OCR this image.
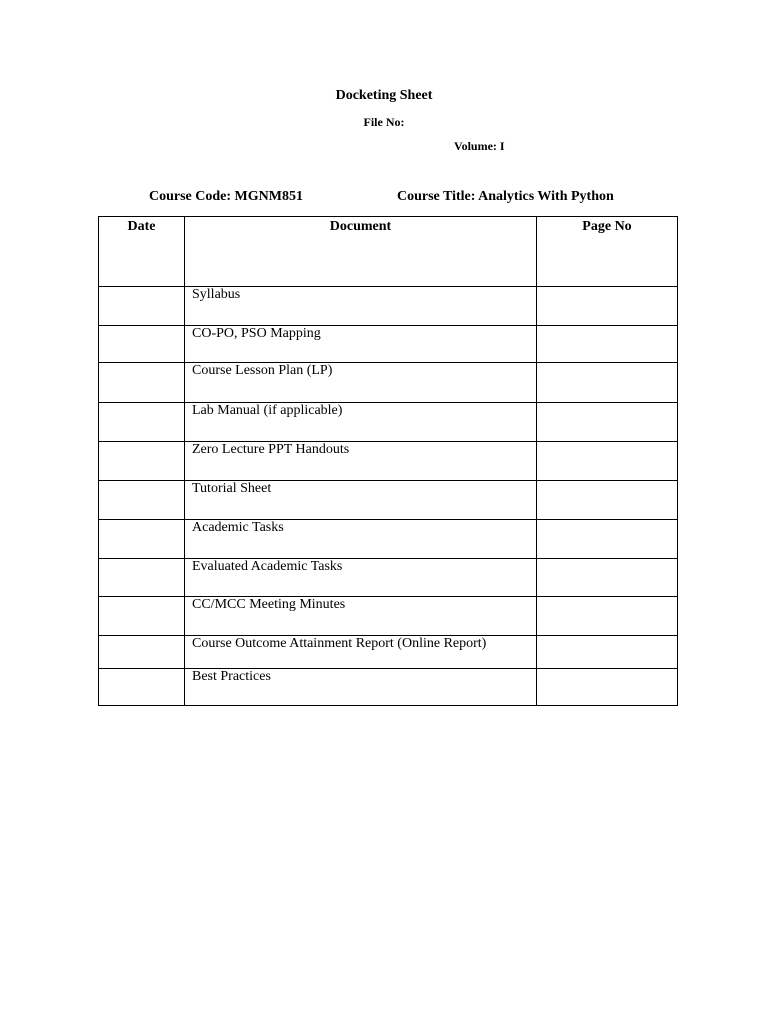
Docketing Sheet
File No:
Volume: I
Course Code: MGNM851	Course Title: Analytics With Python
Date	Document	Page No
	Syllabus	
	CO-PO, PSO Mapping	
	Course Lesson Plan (LP)	
	Lab Manual (if applicable)	
	Zero Lecture PPT Handouts	
	Tutorial Sheet	
	Academic Tasks	
	Evaluated Academic Tasks	
	CC/MCC Meeting Minutes	
	Course Outcome Attainment Report (Online Report)	
	Best Practices	
